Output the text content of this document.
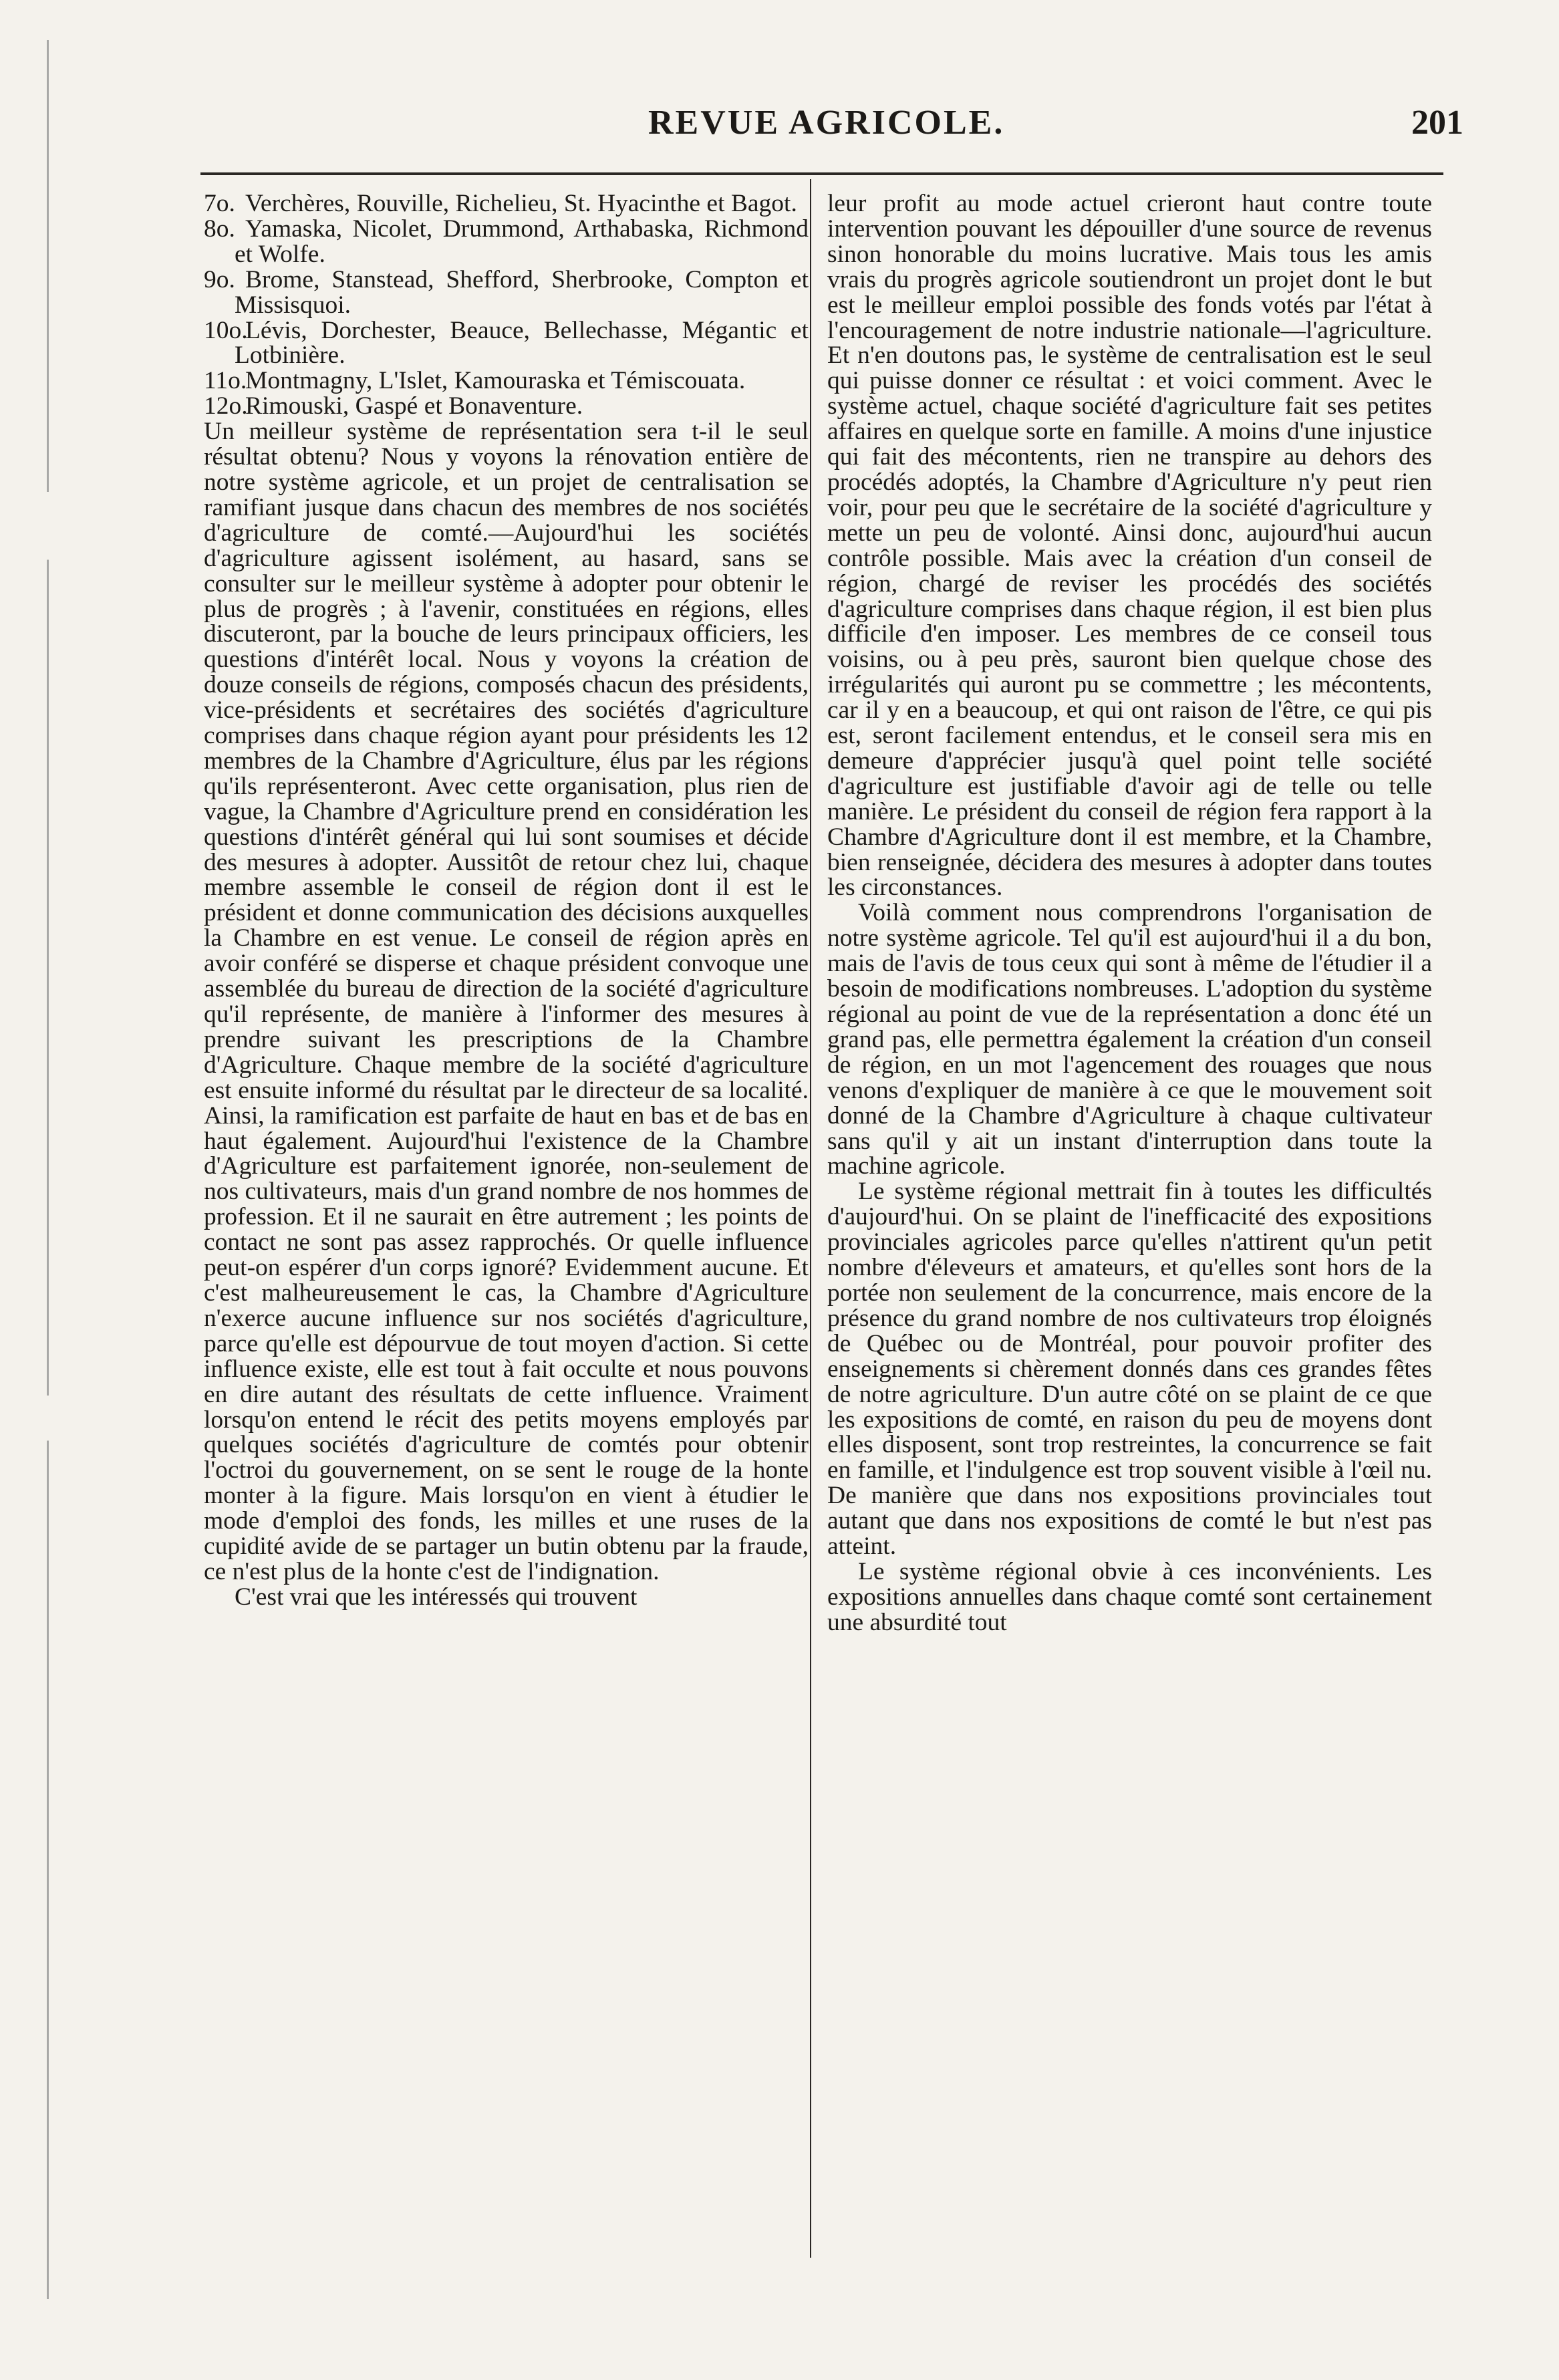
REVUE AGRICOLE.	201
7o. Verchères, Rouville, Richelieu, St. Hyacinthe et Bagot.
8o. Yamaska, Nicolet, Drummond, Arthabaska, Richmond et Wolfe.
9o. Brome, Stanstead, Shefford, Sherbrooke, Compton et Missisquoi.
10o.Lévis, Dorchester, Beauce, Bellechasse, Mégantic et Lotbinière.
11o.Montmagny, L'Islet, Kamouraska et Témiscouata.
12o.Rimouski, Gaspé et Bonaventure.

Un meilleur système de représentation sera t-il le seul résultat obtenu? Nous y voyons la rénovation entière de notre système agricole, et un projet de centralisation se ramifiant jusque dans chacun des membres de nos sociétés d'agriculture de comté.—Aujourd'hui les sociétés d'agriculture agissent isolément, au hasard, sans se consulter sur le meilleur système à adopter pour obtenir le plus de progrès ; à l'avenir, constituées en régions, elles discuteront, par la bouche de leurs principaux officiers, les questions d'intérêt local. Nous y voyons la création de douze conseils de régions, composés chacun des présidents, vice-présidents et secrétaires des sociétés d'agriculture comprises dans chaque région ayant pour présidents les 12 membres de la Chambre d'Agriculture, élus par les régions qu'ils représenteront. Avec cette organisation, plus rien de vague, la Chambre d'Agriculture prend en considération les questions d'intérêt général qui lui sont soumises et décide des mesures à adopter. Aussitôt de retour chez lui, chaque membre assemble le conseil de région dont il est le président et donne communication des décisions auxquelles la Chambre en est venue. Le conseil de région après en avoir conféré se disperse et chaque président convoque une assemblée du bureau de direction de la société d'agriculture qu'il représente, de manière à l'informer des mesures à prendre suivant les prescriptions de la Chambre d'Agriculture. Chaque membre de la société d'agriculture est ensuite informé du résultat par le directeur de sa localité. Ainsi, la ramification est parfaite de haut en bas et de bas en haut également. Aujourd'hui l'existence de la Chambre d'Agriculture est parfaitement ignorée, non-seulement de nos cultivateurs, mais d'un grand nombre de nos hommes de profession. Et il ne saurait en être autrement ; les points de contact ne sont pas assez rapprochés. Or quelle influence peut-on espérer d'un corps ignoré? Evidemment aucune. Et c'est malheureusement le cas, la Chambre d'Agriculture n'exerce aucune influence sur nos sociétés d'agriculture, parce qu'elle est dépourvue de tout moyen d'action. Si cette influence existe, elle est tout à fait occulte et nous pouvons en dire autant des résultats de cette influence. Vraiment lorsqu'on entend le récit des petits moyens employés par quelques sociétés d'agriculture de comtés pour obtenir l'octroi du gouvernement, on se sent le rouge de la honte monter à la figure. Mais lorsqu'on en vient à étudier le mode d'emploi des fonds, les milles et une ruses de la cupidité avide de se partager un butin obtenu par la fraude, ce n'est plus de la honte c'est de l'indignation.

C'est vrai que les intéressés qui trouvent

leur profit au mode actuel crieront haut contre toute intervention pouvant les dépouiller d'une source de revenus sinon honorable du moins lucrative. Mais tous les amis vrais du progrès agricole soutiendront un projet dont le but est le meilleur emploi possible des fonds votés par l'état à l'encouragement de notre industrie nationale—l'agriculture. Et n'en doutons pas, le système de centralisation est le seul qui puisse donner ce résultat : et voici comment. Avec le système actuel, chaque société d'agriculture fait ses petites affaires en quelque sorte en famille. A moins d'une injustice qui fait des mécontents, rien ne transpire au dehors des procédés adoptés, la Chambre d'Agriculture n'y peut rien voir, pour peu que le secrétaire de la société d'agriculture y mette un peu de volonté. Ainsi donc, aujourd'hui aucun contrôle possible. Mais avec la création d'un conseil de région, chargé de reviser les procédés des sociétés d'agriculture comprises dans chaque région, il est bien plus difficile d'en imposer. Les membres de ce conseil tous voisins, ou à peu près, sauront bien quelque chose des irrégularités qui auront pu se commettre ; les mécontents, car il y en a beaucoup, et qui ont raison de l'être, ce qui pis est, seront facilement entendus, et le conseil sera mis en demeure d'apprécier jusqu'à quel point telle société d'agriculture est justifiable d'avoir agi de telle ou telle manière. Le président du conseil de région fera rapport à la Chambre d'Agriculture dont il est membre, et la Chambre, bien renseignée, décidera des mesures à adopter dans toutes les circonstances.

Voilà comment nous comprendrons l'organisation de notre système agricole. Tel qu'il est aujourd'hui il a du bon, mais de l'avis de tous ceux qui sont à même de l'étudier il a besoin de modifications nombreuses. L'adoption du système régional au point de vue de la représentation a donc été un grand pas, elle permettra également la création d'un conseil de région, en un mot l'agencement des rouages que nous venons d'expliquer de manière à ce que le mouvement soit donné de la Chambre d'Agriculture à chaque cultivateur sans qu'il y ait un instant d'interruption dans toute la machine agricole.

Le système régional mettrait fin à toutes les difficultés d'aujourd'hui. On se plaint de l'inefficacité des expositions provinciales agricoles parce qu'elles n'attirent qu'un petit nombre d'éleveurs et amateurs, et qu'elles sont hors de la portée non seulement de la concurrence, mais encore de la présence du grand nombre de nos cultivateurs trop éloignés de Québec ou de Montréal, pour pouvoir profiter des enseignements si chèrement donnés dans ces grandes fêtes de notre agriculture. D'un autre côté on se plaint de ce que les expositions de comté, en raison du peu de moyens dont elles disposent, sont trop restreintes, la concurrence se fait en famille, et l'indulgence est trop souvent visible à l'œil nu. De manière que dans nos expositions provinciales tout autant que dans nos expositions de comté le but n'est pas atteint.

Le système régional obvie à ces inconvénients. Les expositions annuelles dans chaque comté sont certainement une absurdité tout
